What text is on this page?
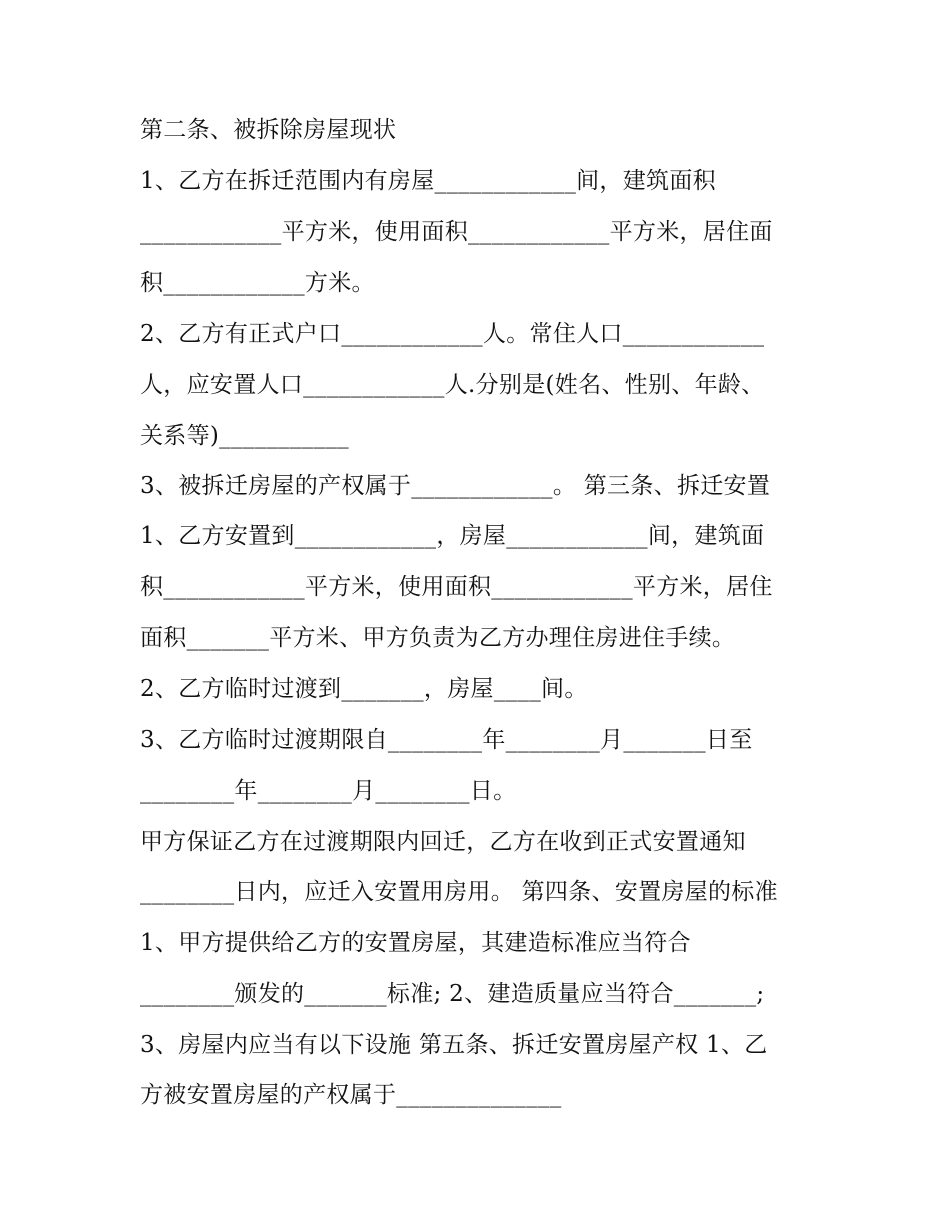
第二条、被拆除房屋现状
1、乙方在拆迁范围内有房屋____________间，建筑面积
____________平方米，使用面积____________平方米，居住面
积____________方米。
2、乙方有正式户口____________人。常住人口____________
人，应安置人口____________人.分别是(姓名、性别、年龄、
关系等)___________
3、被拆迁房屋的产权属于____________。 第三条、拆迁安置
1、乙方安置到____________，房屋____________间，建筑面
积____________平方米，使用面积____________平方米，居住
面积_______平方米、甲方负责为乙方办理住房进住手续。
2、乙方临时过渡到_______，房屋____间。
3、乙方临时过渡期限自________年________月_______日至
________年________月________日。
甲方保证乙方在过渡期限内回迁，乙方在收到正式安置通知
________日内，应迁入安置用房用。 第四条、安置房屋的标准
1、甲方提供给乙方的安置房屋，其建造标准应当符合
________颁发的_______标准; 2、建造质量应当符合_______;
3、房屋内应当有以下设施 第五条、拆迁安置房屋产权 1、乙
方被安置房屋的产权属于______________
